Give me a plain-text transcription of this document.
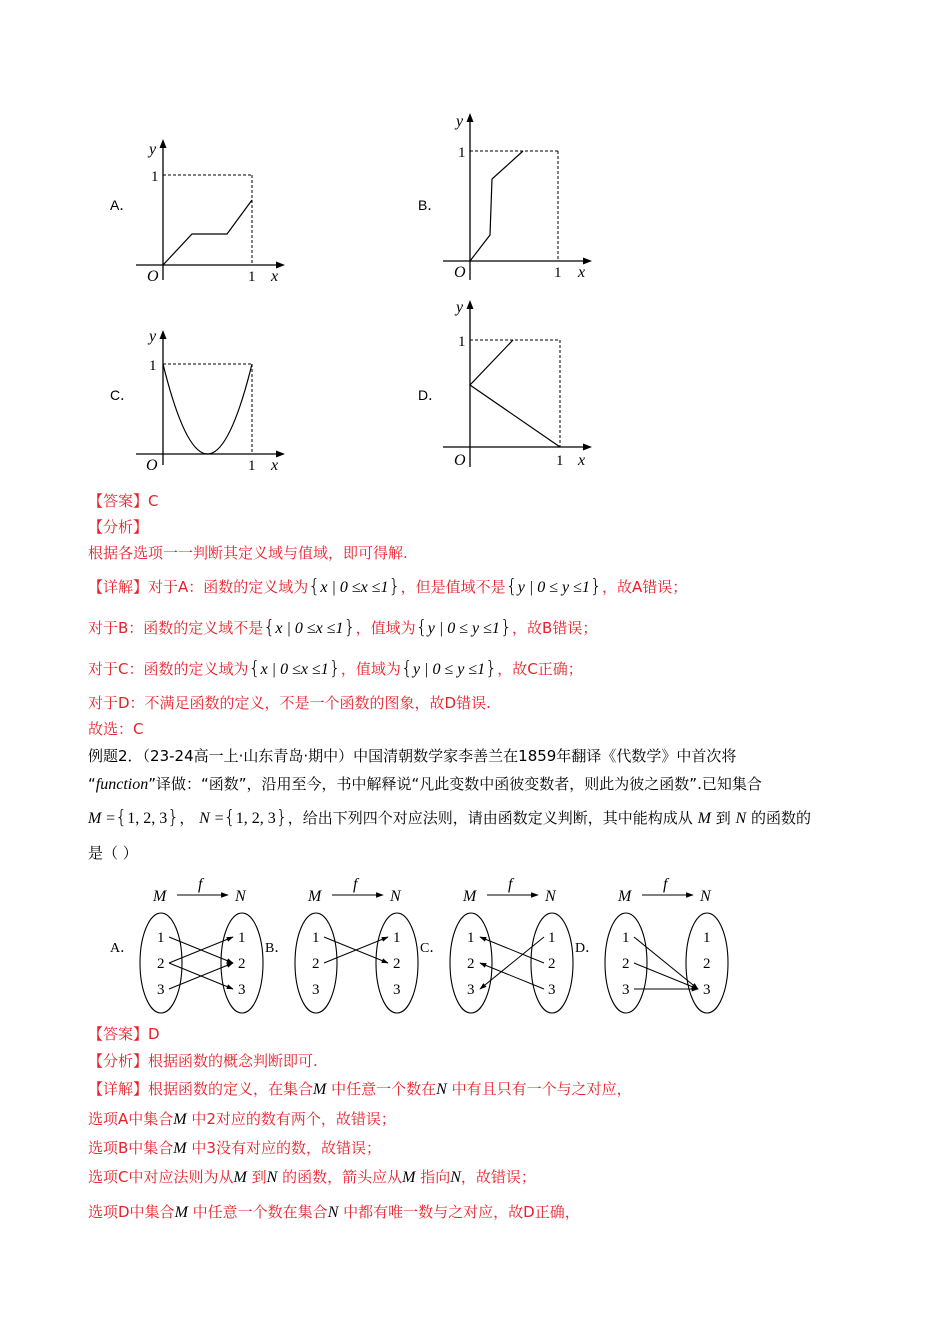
A．
y
1
O	1 x
B．
y
1
O	1 x
C．
y
1
O	1 x
D．
y
1
O	1 x
【答案】C
【分析】
根据各选项一一判断其定义域与值域，即可得解.
【详解】对于A：函数的定义域为{x | 0 ≤x ≤1}，但是值域不是{y | 0 ≤ y ≤1}，故A错误；
对于B：函数的定义域不是{x | 0 ≤x ≤1}，值域为{y | 0 ≤ y ≤1}，故B错误；
对于C：函数的定义域为{x | 0 ≤x ≤1}，值域为{y | 0 ≤ y ≤1}，故C正确；
对于D：不满足函数的定义，不是一个函数的图象，故D错误.
故选：C
例题2．（23-24高一上·山东青岛·期中）中国清朝数学家李善兰在1859年翻译《代数学》中首次将
“function”译做：“函数”，沿用至今，书中解释说“凡此变数中函彼变数者，则此为彼之函数”.已知集合
M ={1, 2, 3}， N ={1, 2, 3}，给出下列四个对应法则，请由函数定义判断，其中能构成从 M 到 N 的函数的
是（ ）
A．
M	N
f
1	1
2	2
3	3
B．
M	N
f
1	1
2	2
3	3
C．
M	N
f
1	1
2	2
3	3
D．
M	N
f
1	1
2	2
3	3
【答案】D
【分析】根据函数的概念判断即可.
【详解】根据函数的定义，在集合M 中任意一个数在N 中有且只有一个与之对应，
选项A中集合M 中2对应的数有两个，故错误；
选项B中集合M 中3没有对应的数，故错误；
选项C中对应法则为从M 到N 的函数，箭头应从M 指向N，故错误；
选项D中集合M 中任意一个数在集合N 中都有唯一数与之对应，故D正确，
